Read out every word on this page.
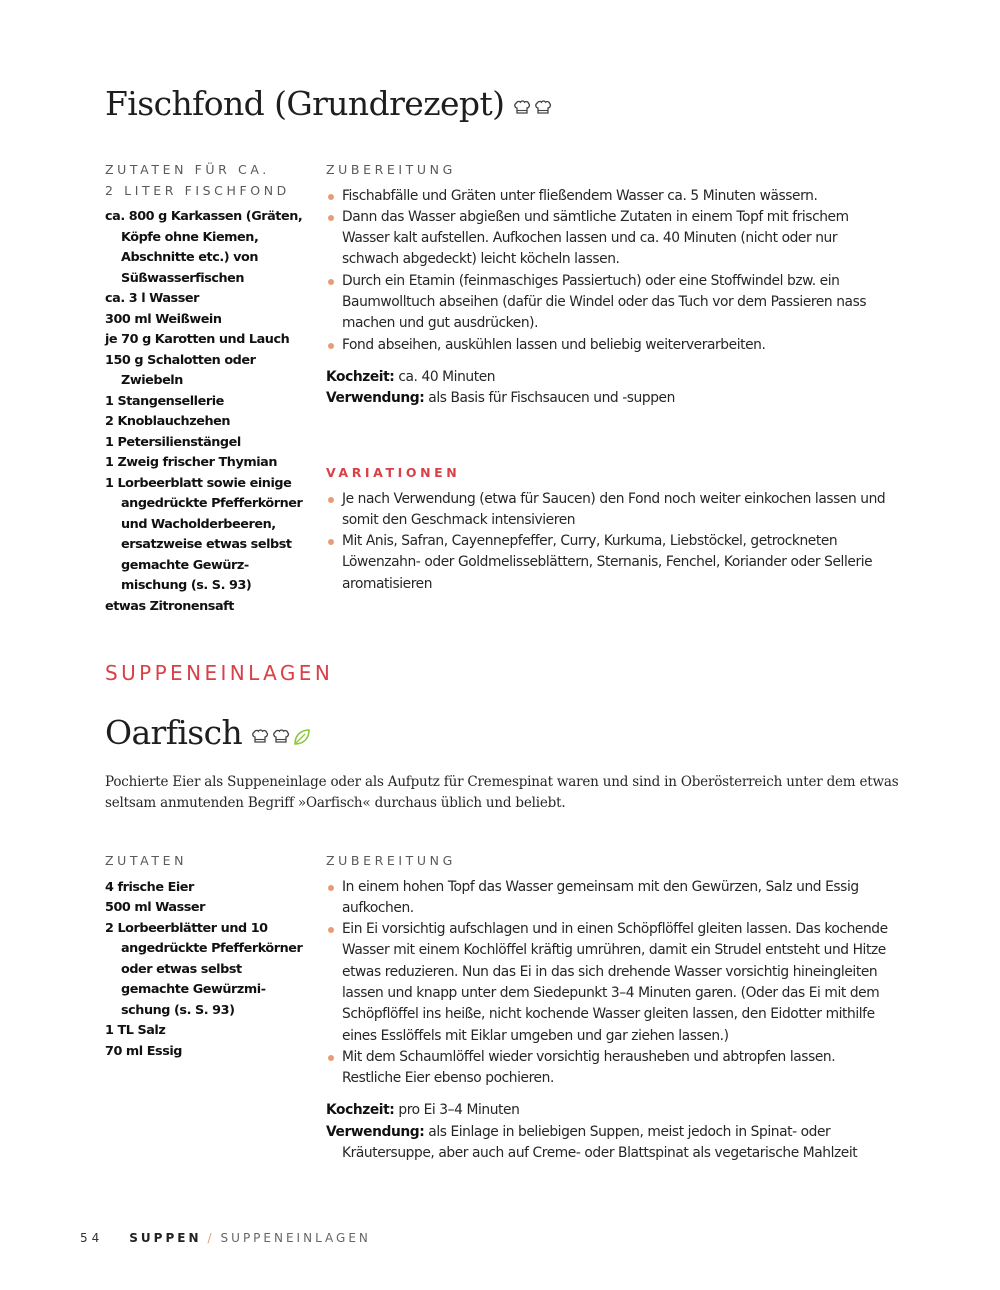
Fischfond (Grundrezept)
ZUTATEN FÜR CA.
2 LITER FISCHFOND
ca. 800 g Karkassen (Gräten, Köpfe ohne Kiemen, Abschnitte etc.) von Süßwasserfischen
ca. 3 l Wasser
300 ml Weißwein
je 70 g Karotten und Lauch
150 g Schalotten oder Zwiebeln
1 Stangensellerie
2 Knoblauchzehen
1 Petersilienstängel
1 Zweig frischer Thymian
1 Lorbeerblatt sowie einige angedrückte Pfefferkörner und Wacholderbeeren, ersatzweise etwas selbst gemachte Gewürzmischung (s. S. 93)
etwas Zitronensaft
ZUBEREITUNG
Fischabfälle und Gräten unter fließendem Wasser ca. 5 Minuten wässern.
Dann das Wasser abgießen und sämtliche Zutaten in einem Topf mit frischem Wasser kalt aufstellen. Aufkochen lassen und ca. 40 Minuten (nicht oder nur schwach abgedeckt) leicht köcheln lassen.
Durch ein Etamin (feinmaschiges Passiertuch) oder eine Stoffwindel bzw. ein Baumwolltuch abseihen (dafür die Windel oder das Tuch vor dem Passieren nass machen und gut ausdrücken).
Fond abseihen, auskühlen lassen und beliebig weiterverarbeiten.
Kochzeit: ca. 40 Minuten
Verwendung: als Basis für Fischsaucen und -suppen
VARIATIONEN
Je nach Verwendung (etwa für Saucen) den Fond noch weiter einkochen lassen und somit den Geschmack intensivieren
Mit Anis, Safran, Cayennepfeffer, Curry, Kurkuma, Liebstöckel, getrockneten Löwenzahn- oder Goldmelisseblättern, Sternanis, Fenchel, Koriander oder Sellerie aromatisieren
SUPPENEINLAGEN
Oarfisch
Pochierte Eier als Suppeneinlage oder als Aufputz für Cremespinat waren und sind in Oberösterreich unter dem etwas seltsam anmutenden Begriff »Oarfisch« durchaus üblich und beliebt.
ZUTATEN
4 frische Eier
500 ml Wasser
2 Lorbeerblätter und 10 angedrückte Pfefferkörner oder etwas selbst gemachte Gewürzmischung (s. S. 93)
1 TL Salz
70 ml Essig
ZUBEREITUNG
In einem hohen Topf das Wasser gemeinsam mit den Gewürzen, Salz und Essig aufkochen.
Ein Ei vorsichtig aufschlagen und in einen Schöpflöffel gleiten lassen. Das kochende Wasser mit einem Kochlöffel kräftig umrühren, damit ein Strudel entsteht und Hitze etwas reduzieren. Nun das Ei in das sich drehende Wasser vorsichtig hineingleiten lassen und knapp unter dem Siedepunkt 3–4 Minuten garen. (Oder das Ei mit dem Schöpflöffel ins heiße, nicht kochende Wasser gleiten lassen, den Eidotter mithilfe eines Esslöffels mit Eiklar umgeben und gar ziehen lassen.)
Mit dem Schaumlöffel wieder vorsichtig herausheben und abtropfen lassen. Restliche Eier ebenso pochieren.
Kochzeit: pro Ei 3–4 Minuten
Verwendung: als Einlage in beliebigen Suppen, meist jedoch in Spinat- oder Kräutersuppe, aber auch auf Creme- oder Blattspinat als vegetarische Mahlzeit
54 SUPPEN / SUPPENEINLAGEN
